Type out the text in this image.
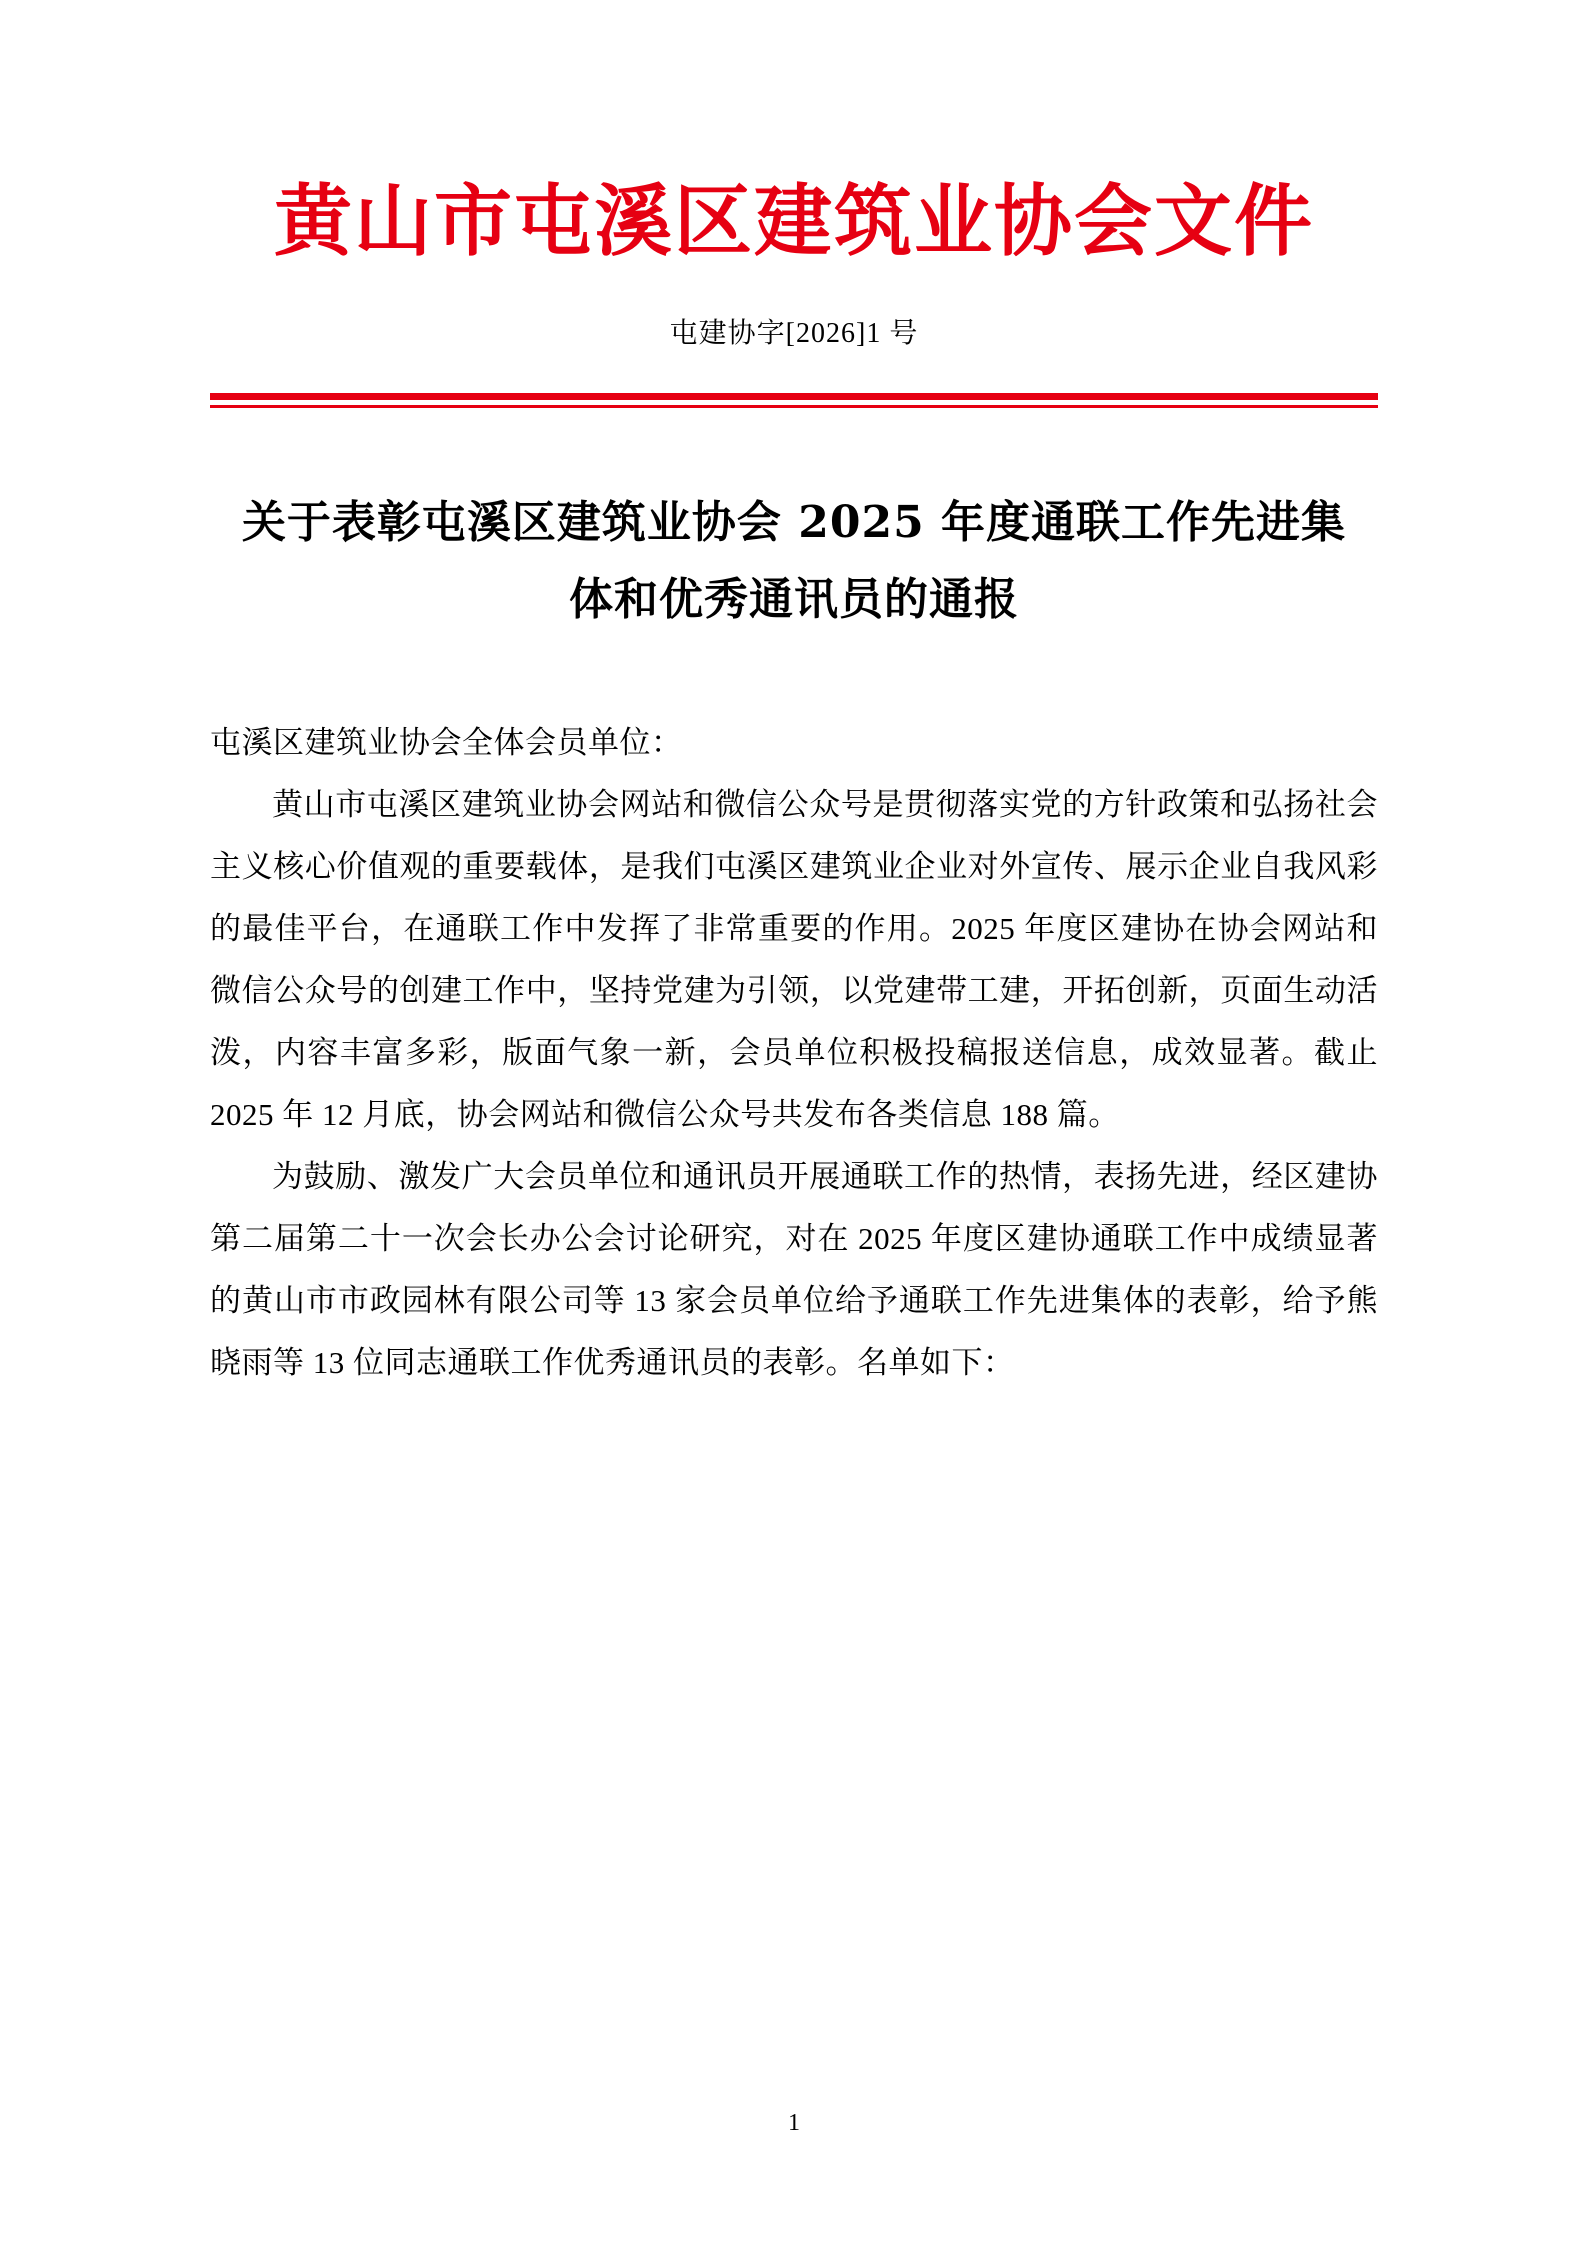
黄山市屯溪区建筑业协会文件
屯建协字[2026]1 号
关于表彰屯溪区建筑业协会 2025 年度通联工作先进集体和优秀通讯员的通报

屯溪区建筑业协会全体会员单位：

黄山市屯溪区建筑业协会网站和微信公众号是贯彻落实党的方针政策和弘扬社会主义核心价值观的重要载体，是我们屯溪区建筑业企业对外宣传、展示企业自我风彩的最佳平台，在通联工作中发挥了非常重要的作用。2025 年度区建协在协会网站和微信公众号的创建工作中，坚持党建为引领，以党建带工建，开拓创新，页面生动活泼，内容丰富多彩，版面气象一新，会员单位积极投稿报送信息，成效显著。截止 2025 年 12 月底，协会网站和微信公众号共发布各类信息 188 篇。

为鼓励、激发广大会员单位和通讯员开展通联工作的热情，表扬先进，经区建协第二届第二十一次会长办公会讨论研究，对在 2025 年度区建协通联工作中成绩显著的黄山市市政园林有限公司等 13 家会员单位给予通联工作先进集体的表彰，给予熊晓雨等 13 位同志通联工作优秀通讯员的表彰。名单如下：

1
